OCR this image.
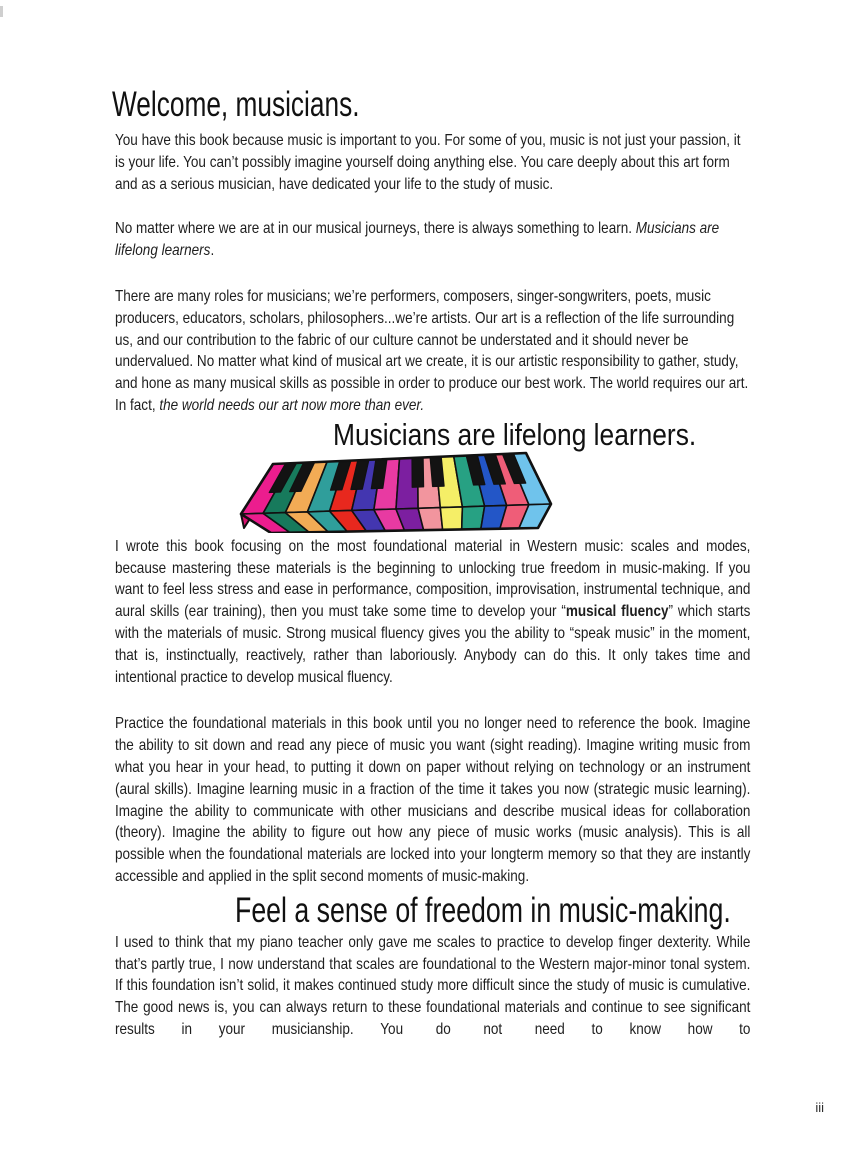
Welcome, musicians.

You have this book because music is important to you. For some of you, music is not just your passion, it is your life. You can’t possibly imagine yourself doing anything else. You care deeply about this art form and as a serious musician, have dedicated your life to the study of music.

No matter where we are at in our musical journeys, there is always something to learn. Musicians are lifelong learners.

There are many roles for musicians; we’re performers, composers, singer-songwriters, poets, music producers, educators, scholars, philosophers...we’re artists. Our art is a reflection of the life surrounding us, and our contribution to the fabric of our culture cannot be understated and it should never be undervalued. No matter what kind of musical art we create, it is our artistic responsibility to gather, study, and hone as many musical skills as possible in order to produce our best work. The world requires our art. In fact, the world needs our art now more than ever.

Musicians are lifelong learners.

I wrote this book focusing on the most foundational material in Western music: scales and modes, because mastering these materials is the beginning to unlocking true freedom in music-making. If you want to feel less stress and ease in performance, composition, improvisation, instrumental technique, and aural skills (ear training), then you must take some time to develop your “musical fluency” which starts with the materials of music. Strong musical fluency gives you the ability to “speak music” in the moment, that is, instinctually, reactively, rather than laboriously. Anybody can do this. It only takes time and intentional practice to develop musical fluency.

Practice the foundational materials in this book until you no longer need to reference the book. Imagine the ability to sit down and read any piece of music you want (sight reading). Imagine writing music from what you hear in your head, to putting it down on paper without relying on technology or an instrument (aural skills). Imagine learning music in a fraction of the time it takes you now (strategic music learning). Imagine the ability to communicate with other musicians and describe musical ideas for collaboration (theory). Imagine the ability to figure out how any piece of music works (music analysis). This is all possible when the foundational materials are locked into your longterm memory so that they are instantly accessible and applied in the split second moments of music-making.

Feel a sense of freedom in music-making.

I used to think that my piano teacher only gave me scales to practice to develop finger dexterity. While that’s partly true, I now understand that scales are foundational to the Western major-minor tonal system. If this foundation isn’t solid, it makes continued study more difficult since the study of music is cumulative. The good news is, you can always return to these foundational materials and continue to see significant results in your musicianship. You do not need to know how to

iii
